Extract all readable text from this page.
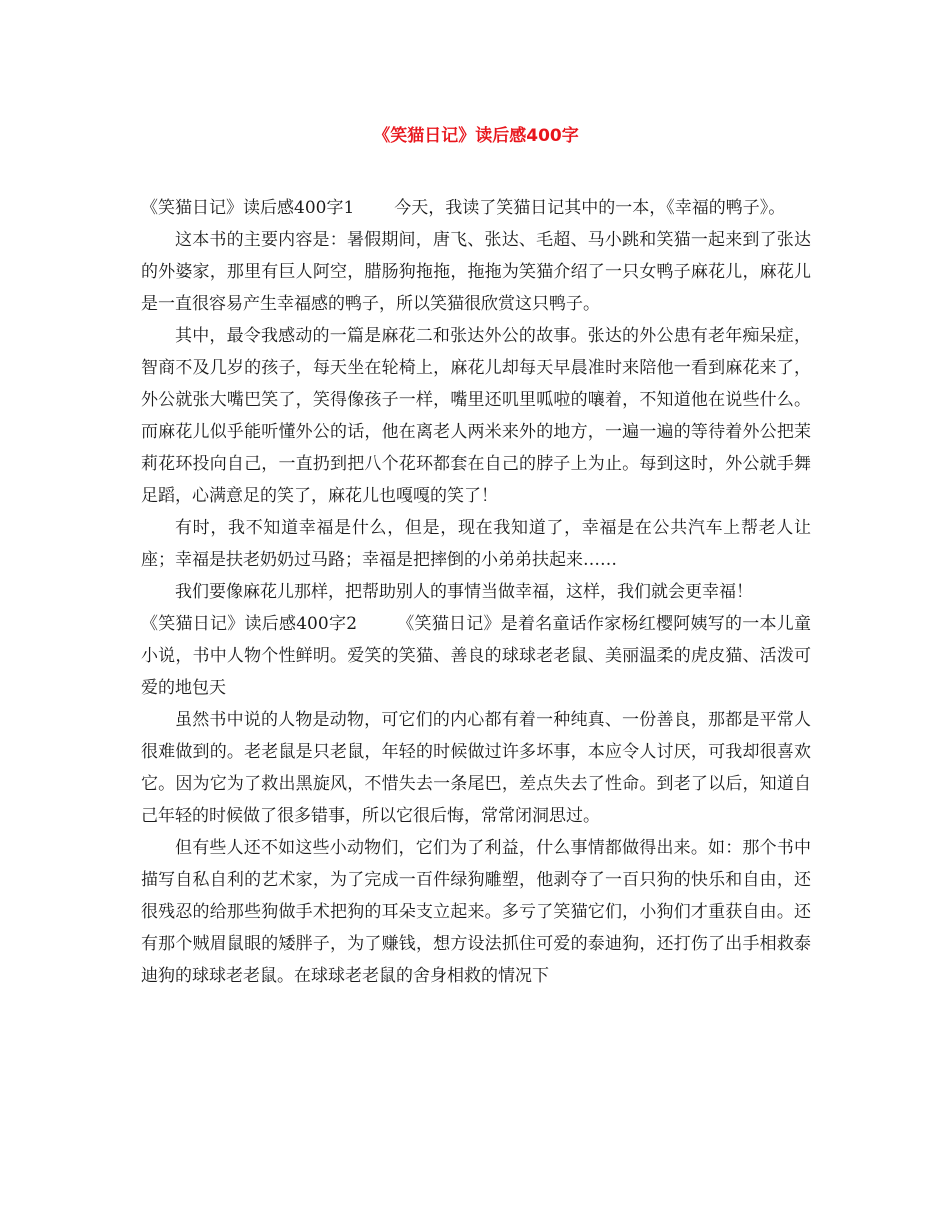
《笑猫日记》读后感400字

《笑猫日记》读后感400字1 今天，我读了笑猫日记其中的一本，《幸福的鸭子》。

这本书的主要内容是：暑假期间，唐飞、张达、毛超、马小跳和笑猫一起来到了张达的外婆家，那里有巨人阿空，腊肠狗拖拖，拖拖为笑猫介绍了一只女鸭子麻花儿，麻花儿是一直很容易产生幸福感的鸭子，所以笑猫很欣赏这只鸭子。

其中，最令我感动的一篇是麻花二和张达外公的故事。张达的外公患有老年痴呆症，智商不及几岁的孩子，每天坐在轮椅上，麻花儿却每天早晨准时来陪他一看到麻花来了，外公就张大嘴巴笑了，笑得像孩子一样，嘴里还叽里呱啦的嚷着，不知道他在说些什么。而麻花儿似乎能听懂外公的话，他在离老人两米来外的地方，一遍一遍的等待着外公把茉莉花环投向自己，一直扔到把八个花环都套在自己的脖子上为止。每到这时，外公就手舞足蹈，心满意足的笑了，麻花儿也嘎嘎的笑了！

有时，我不知道幸福是什么，但是，现在我知道了，幸福是在公共汽车上帮老人让座；幸福是扶老奶奶过马路；幸福是把摔倒的小弟弟扶起来……

我们要像麻花儿那样，把帮助别人的事情当做幸福，这样，我们就会更幸福！

《笑猫日记》读后感400字2 《笑猫日记》是着名童话作家杨红樱阿姨写的一本儿童小说，书中人物个性鲜明。爱笑的笑猫、善良的球球老老鼠、美丽温柔的虎皮猫、活泼可爱的地包天

虽然书中说的人物是动物，可它们的内心都有着一种纯真、一份善良，那都是平常人很难做到的。老老鼠是只老鼠，年轻的时候做过许多坏事，本应令人讨厌，可我却很喜欢它。因为它为了救出黑旋风，不惜失去一条尾巴，差点失去了性命。到老了以后，知道自己年轻的时候做了很多错事，所以它很后悔，常常闭洞思过。

但有些人还不如这些小动物们，它们为了利益，什么事情都做得出来。如：那个书中描写自私自利的艺术家，为了完成一百件绿狗雕塑，他剥夺了一百只狗的快乐和自由，还很残忍的给那些狗做手术把狗的耳朵支立起来。多亏了笑猫它们，小狗们才重获自由。还有那个贼眉鼠眼的矮胖子，为了赚钱，想方设法抓住可爱的泰迪狗，还打伤了出手相救泰迪狗的球球老老鼠。在球球老老鼠的舍身相救的情况下
